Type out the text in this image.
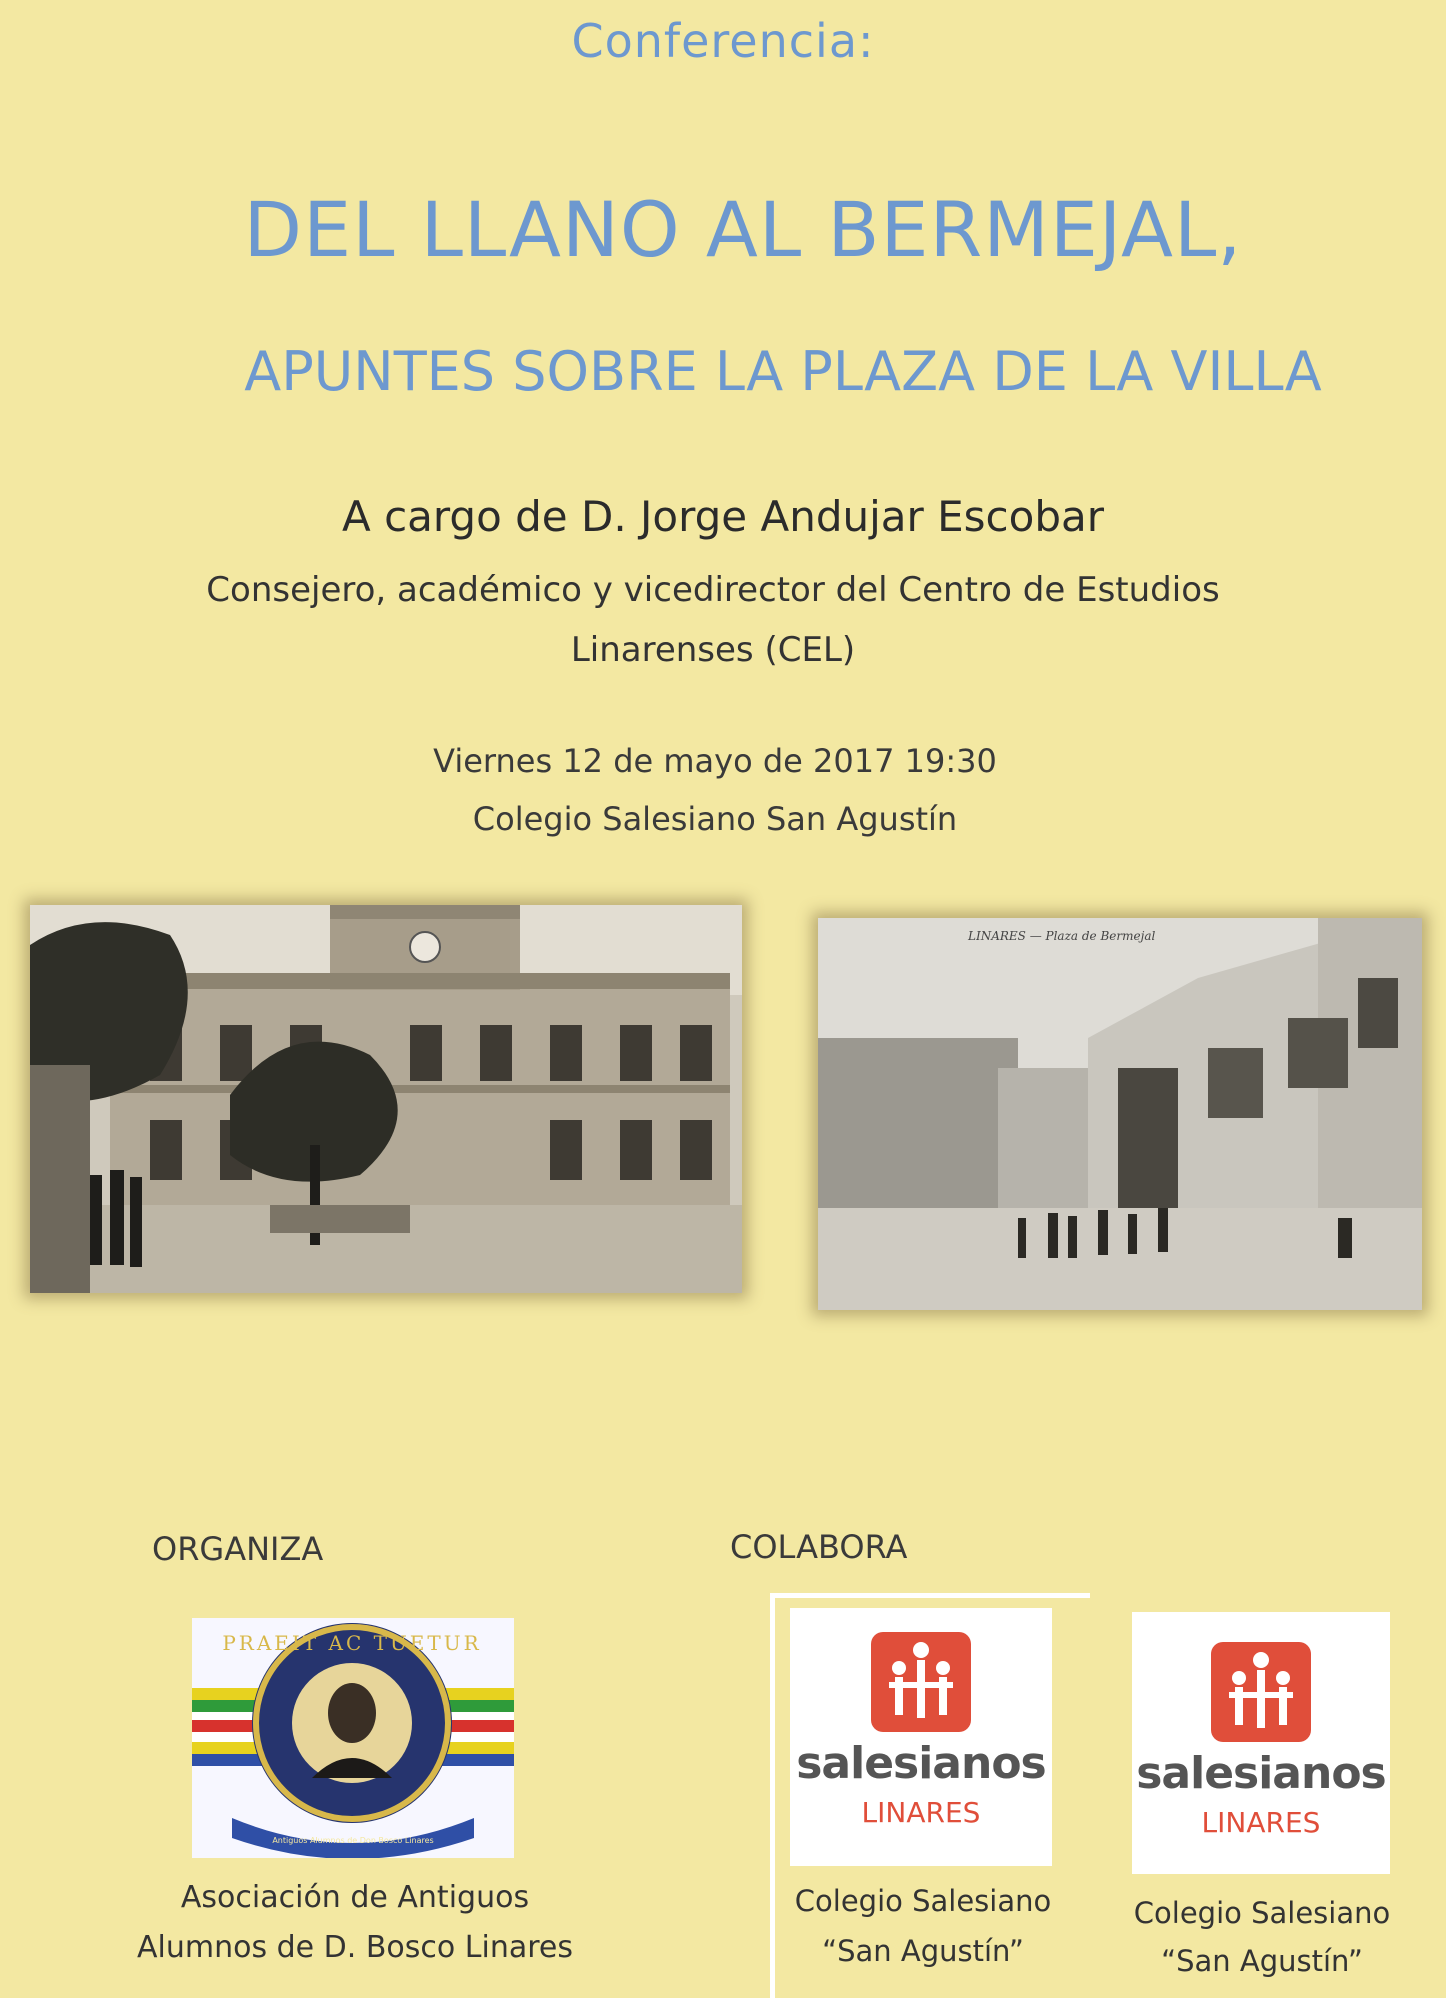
Conferencia:
DEL LLANO AL BERMEJAL,
APUNTES SOBRE LA PLAZA DE LA VILLA
A cargo de D. Jorge Andujar Escobar
Consejero, académico y vicedirector del Centro de Estudios
Linarenses (CEL)
Viernes 12 de mayo de 2017 19:30
Colegio Salesiano San Agustín
LINARES — Plaza de Bermejal
ORGANIZA	COLABORA
PRAEIT AC TUETUR
Antiguos Alumnos de Don Bosco Linares
Asociación de Antiguos
Alumnos de D. Bosco Linares
salesianos
LINARES
salesianos
LINARES
Colegio Salesiano
“San Agustín”
Colegio Salesiano
“San Agustín”
